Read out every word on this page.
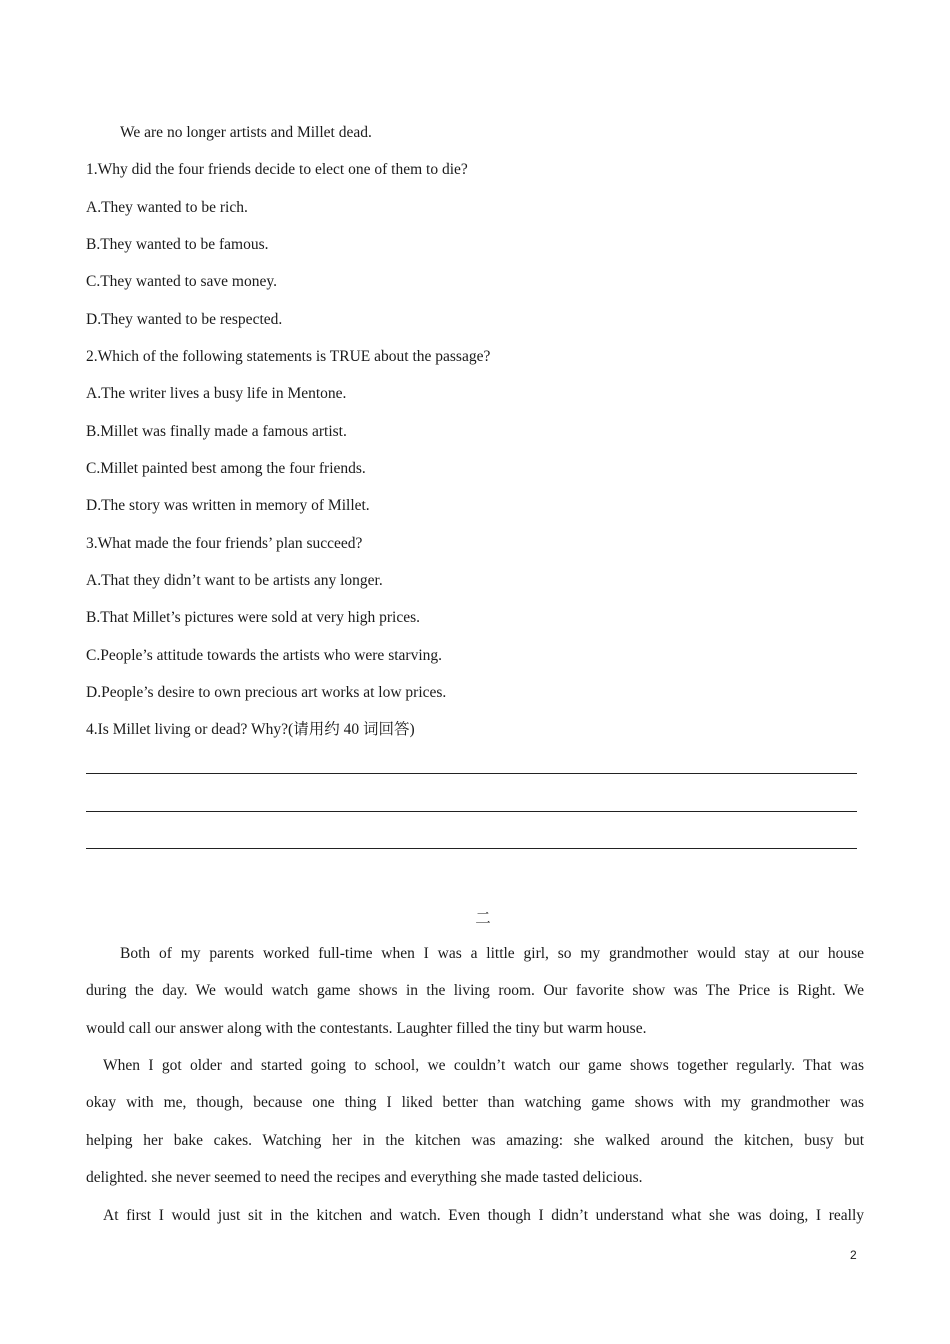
We are no longer artists and Millet dead.
1.Why did the four friends decide to elect one of them to die?
A.They wanted to be rich.
B.They wanted to be famous.
C.They wanted to save money.
D.They wanted to be respected.
2.Which of the following statements is TRUE about the passage?
A.The writer lives a busy life in Mentone.
B.Millet was finally made a famous artist.
C.Millet painted best among the four friends.
D.The story was written in memory of Millet.
3.What made the four friends’ plan succeed?
A.That they didn’t want to be artists any longer.
B.That Millet’s pictures were sold at very high prices.
C.People’s attitude towards the artists who were starving.
D.People’s desire to own precious art works at low prices.
4.Is Millet living or dead? Why?(请用约 40 词回答)
二
Both of my parents worked full-time when I was a little girl, so my grandmother would stay at our house
during the day. We would watch game shows in the living room. Our favorite show was The Price is Right. We
would call our answer along with the contestants. Laughter filled the tiny but warm house.
When I got older and started going to school, we couldn’t watch our game shows together regularly. That was
okay with me, though, because one thing I liked better than watching game shows with my grandmother was
helping her bake cakes. Watching her in the kitchen was amazing: she walked around the kitchen, busy but
delighted. she never seemed to need the recipes and everything she made tasted delicious.
At first I would just sit in the kitchen and watch. Even though I didn’t understand what she was doing, I really
2
